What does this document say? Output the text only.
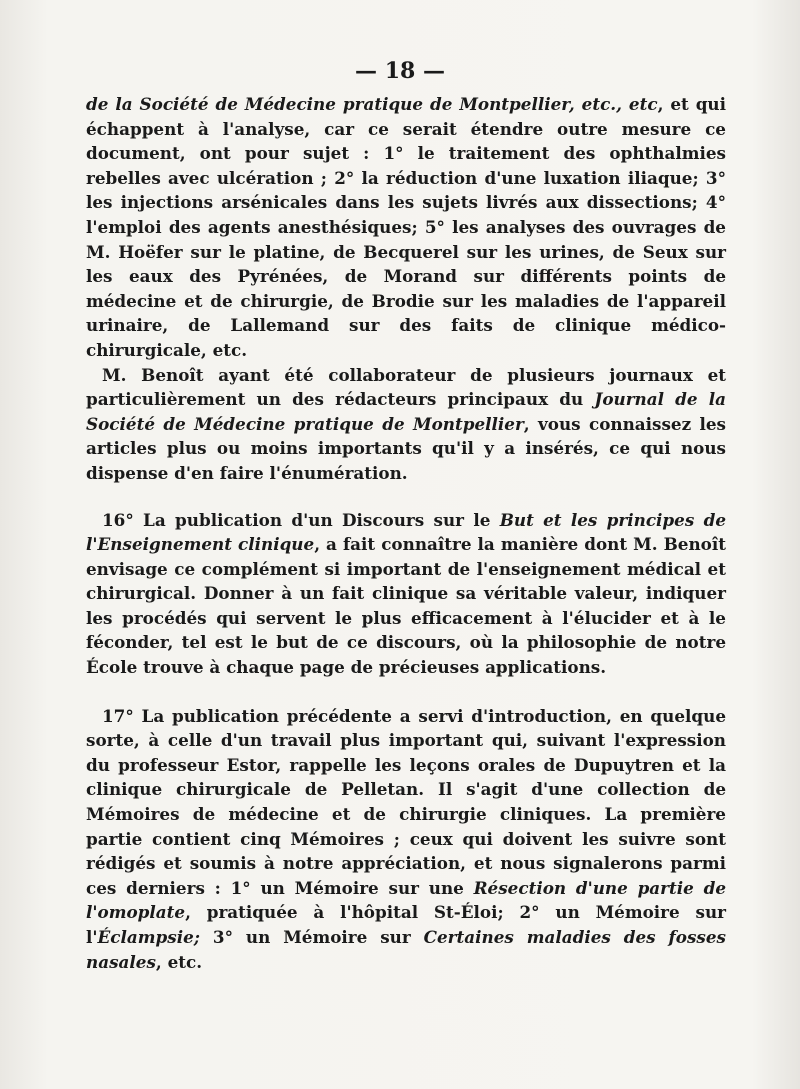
— 18 —

de la Société de Médecine pratique de Montpellier, etc., etc, et qui échappent à l'analyse, car ce serait étendre outre mesure ce document, ont pour sujet : 1° le traitement des ophthalmies rebelles avec ulcération ; 2° la réduction d'une luxation iliaque; 3° les injections arsénicales dans les sujets livrés aux dissections; 4° l'emploi des agents anesthésiques; 5° les analyses des ouvrages de M. Hoëfer sur le platine, de Becquerel sur les urines, de Seux sur les eaux des Pyrénées, de Morand sur différents points de médecine et de chirurgie, de Brodie sur les maladies de l'appareil urinaire, de Lallemand sur des faits de clinique médico-chirurgicale, etc.

M. Benoît ayant été collaborateur de plusieurs journaux et particulièrement un des rédacteurs principaux du Journal de la Société de Médecine pratique de Montpellier, vous connaissez les articles plus ou moins importants qu'il y a insérés, ce qui nous dispense d'en faire l'énumération.

16° La publication d'un Discours sur le But et les principes de l'Enseignement clinique, a fait connaître la manière dont M. Benoît envisage ce complément si important de l'enseignement médical et chirurgical. Donner à un fait clinique sa véritable valeur, indiquer les procédés qui servent le plus efficacement à l'élucider et à le féconder, tel est le but de ce discours, où la philosophie de notre École trouve à chaque page de précieuses applications.

17° La publication précédente a servi d'introduction, en quelque sorte, à celle d'un travail plus important qui, suivant l'expression du professeur Estor, rappelle les leçons orales de Dupuytren et la clinique chirurgicale de Pelletan. Il s'agit d'une collection de Mémoires de médecine et de chirurgie cliniques. La première partie contient cinq Mémoires ; ceux qui doivent les suivre sont rédigés et soumis à notre appréciation, et nous signalerons parmi ces derniers : 1° un Mémoire sur une Résection d'une partie de l'omoplate, pratiquée à l'hôpital St-Éloi; 2° un Mémoire sur l'Éclampsie; 3° un Mémoire sur Certaines maladies des fosses nasales, etc.
